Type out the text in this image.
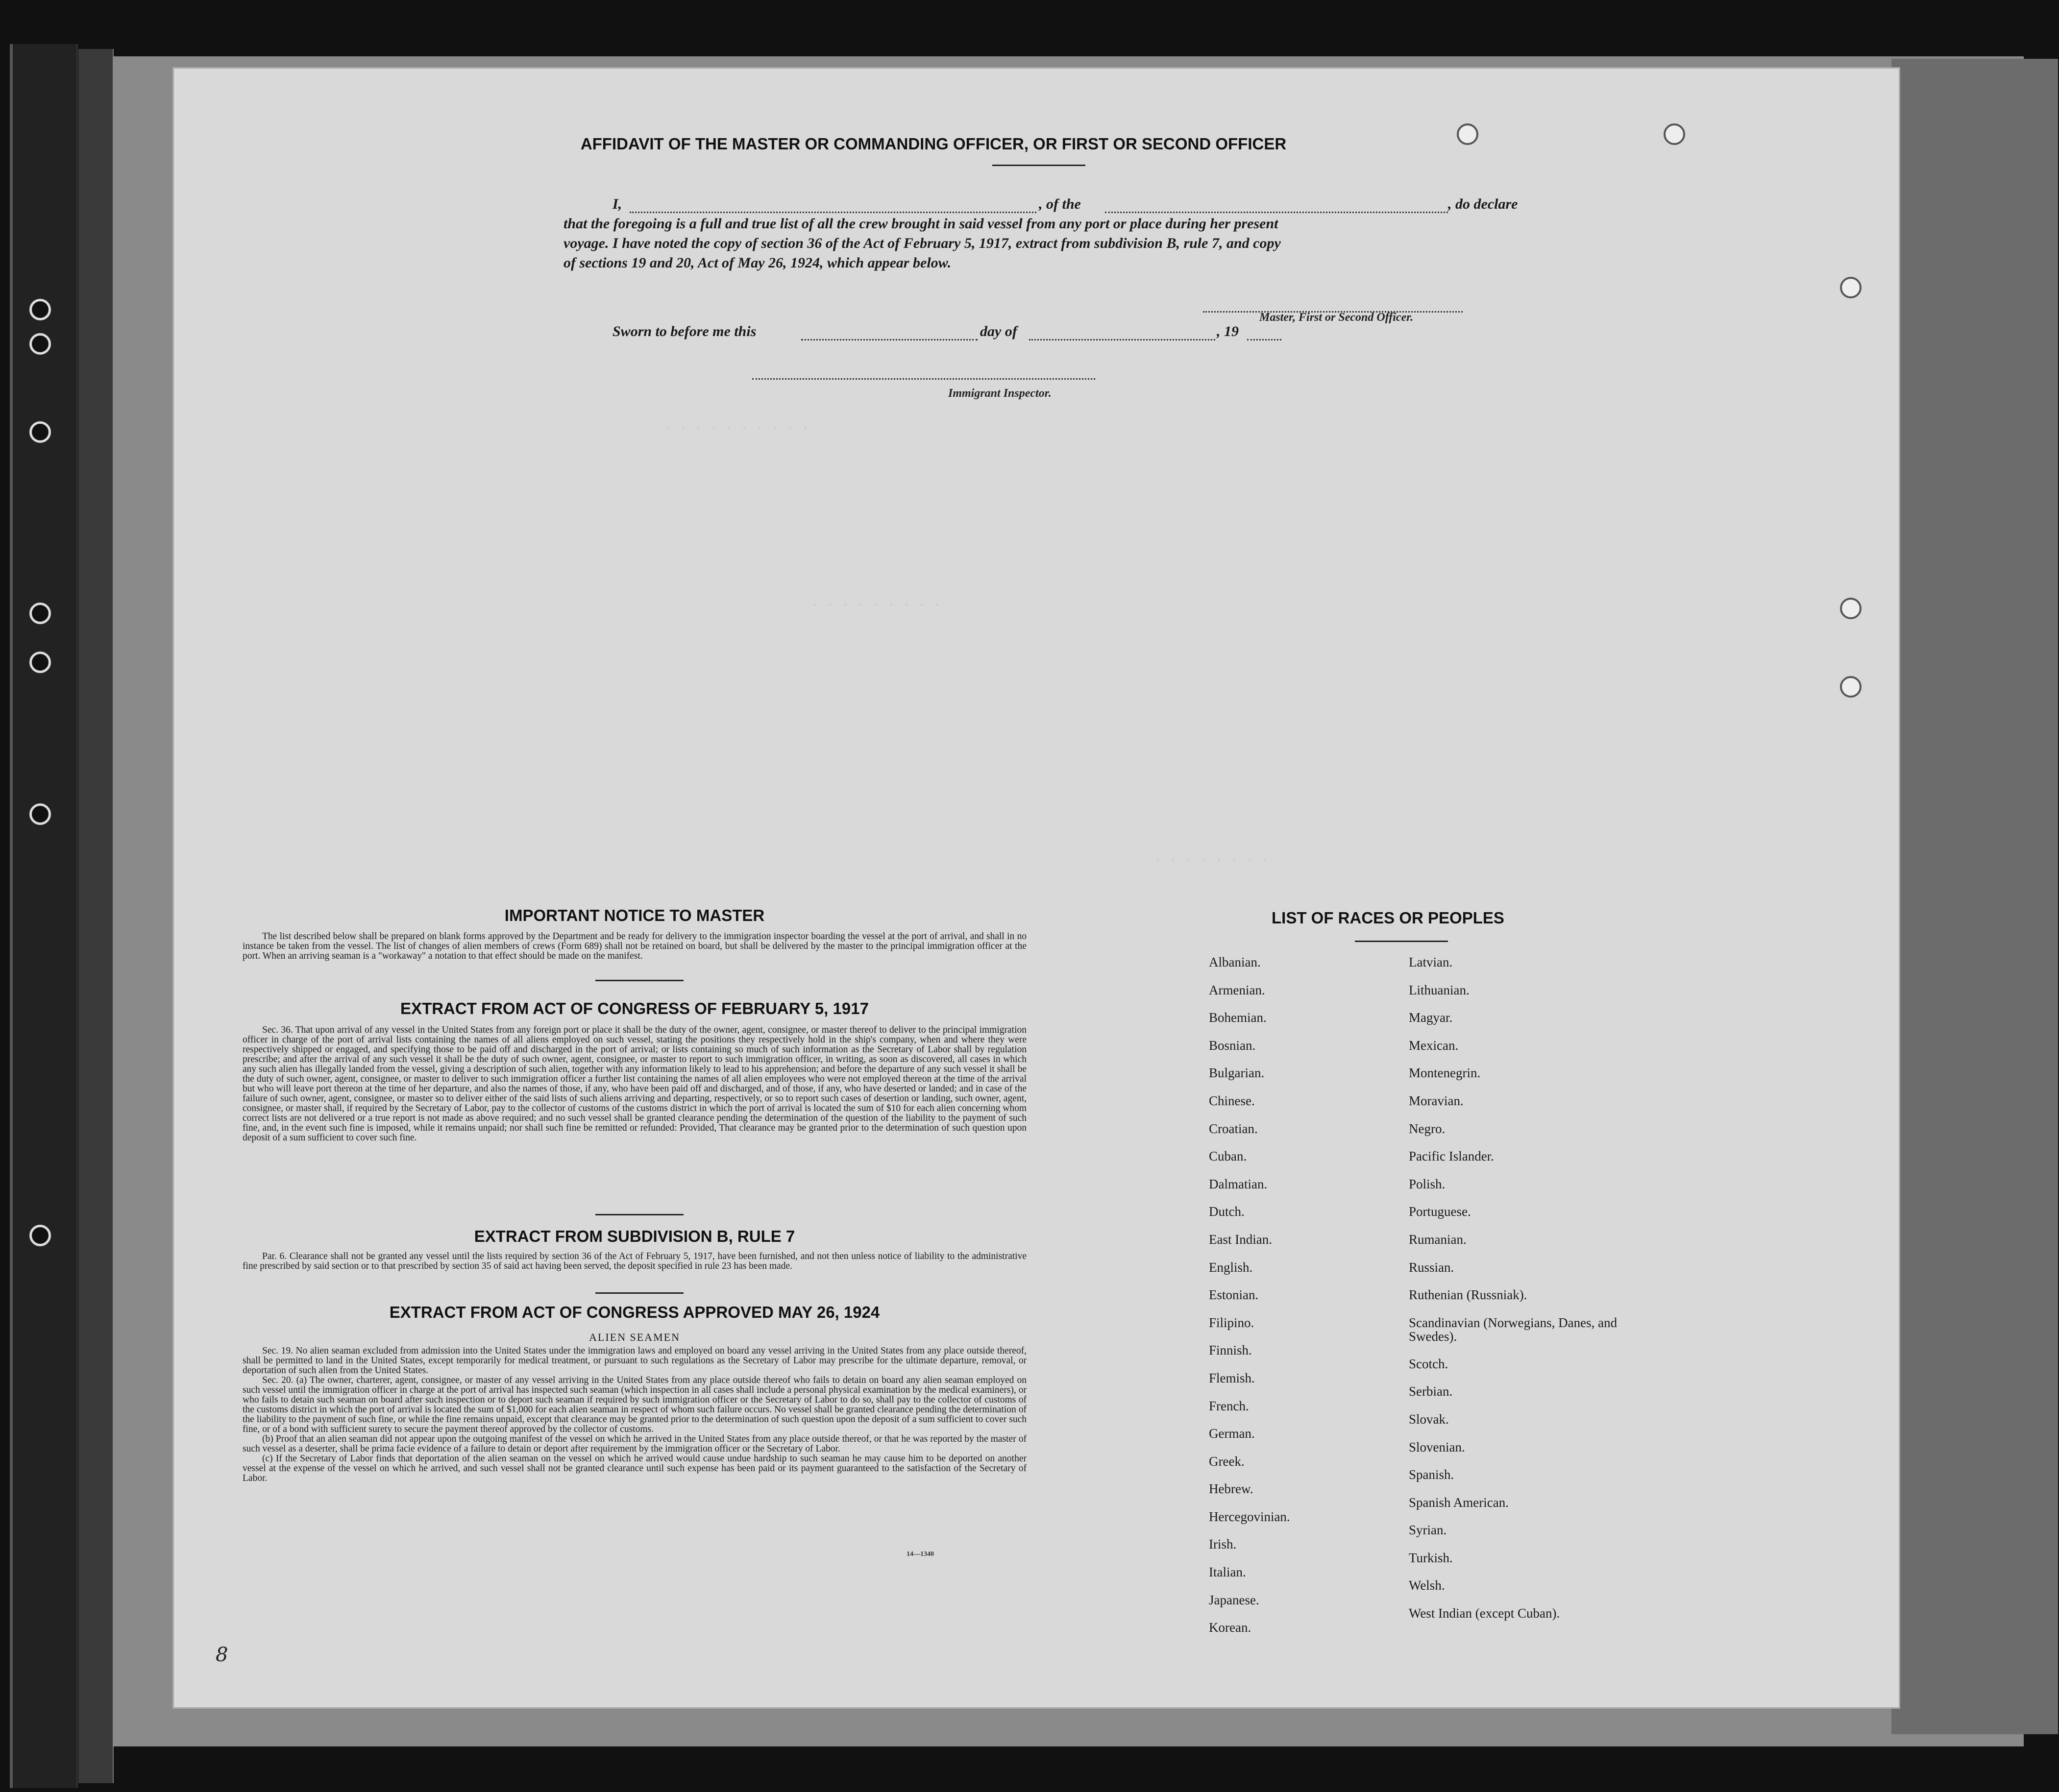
· · · · · · · · · ·
· · · · · · · · ·
· · · · · · · ·
AFFIDAVIT OF THE MASTER OR COMMANDING OFFICER, OR FIRST OR SECOND OFFICER
I,	, of the	, do declare
that the foregoing is a full and true list of all the crew brought in said vessel from any port or place during her present
voyage. I have noted the copy of section 36 of the Act of February 5, 1917, extract from subdivision B, rule 7, and copy
of sections 19 and 20, Act of May 26, 1924, which appear below.
Master, First or Second Officer.
Sworn to before me this	day of	, 19
Immigrant Inspector.
IMPORTANT NOTICE TO MASTER
The list described below shall be prepared on blank forms approved by the Department and be ready for delivery to the immigration inspector boarding the vessel at the port of arrival, and shall in no instance be taken from the vessel. The list of changes of alien members of crews (Form 689) shall not be retained on board, but shall be delivered by the master to the principal immigration officer at the port. When an arriving seaman is a "workaway" a notation to that effect should be made on the manifest.
EXTRACT FROM ACT OF CONGRESS OF FEBRUARY 5, 1917
Sec. 36. That upon arrival of any vessel in the United States from any foreign port or place it shall be the duty of the owner, agent, consignee, or master thereof to deliver to the principal immigration officer in charge of the port of arrival lists containing the names of all aliens employed on such vessel, stating the positions they respectively hold in the ship's company, when and where they were respectively shipped or engaged, and specifying those to be paid off and discharged in the port of arrival; or lists containing so much of such information as the Secretary of Labor shall by regulation prescribe; and after the arrival of any such vessel it shall be the duty of such owner, agent, consignee, or master to report to such immigration officer, in writing, as soon as discovered, all cases in which any such alien has illegally landed from the vessel, giving a description of such alien, together with any information likely to lead to his apprehension; and before the departure of any such vessel it shall be the duty of such owner, agent, consignee, or master to deliver to such immigration officer a further list containing the names of all alien employees who were not employed thereon at the time of the arrival but who will leave port thereon at the time of her departure, and also the names of those, if any, who have been paid off and discharged, and of those, if any, who have deserted or landed; and in case of the failure of such owner, agent, consignee, or master so to deliver either of the said lists of such aliens arriving and departing, respectively, or so to report such cases of desertion or landing, such owner, agent, consignee, or master shall, if required by the Secretary of Labor, pay to the collector of customs of the customs district in which the port of arrival is located the sum of $10 for each alien concerning whom correct lists are not delivered or a true report is not made as above required; and no such vessel shall be granted clearance pending the determination of the question of the liability to the payment of such fine, and, in the event such fine is imposed, while it remains unpaid; nor shall such fine be remitted or refunded: Provided, That clearance may be granted prior to the determination of such question upon deposit of a sum sufficient to cover such fine.
EXTRACT FROM SUBDIVISION B, RULE 7
Par. 6. Clearance shall not be granted any vessel until the lists required by section 36 of the Act of February 5, 1917, have been furnished, and not then unless notice of liability to the administrative fine prescribed by said section or to that prescribed by section 35 of said act having been served, the deposit specified in rule 23 has been made.
EXTRACT FROM ACT OF CONGRESS APPROVED MAY 26, 1924
ALIEN SEAMEN

Sec. 19. No alien seaman excluded from admission into the United States under the immigration laws and employed on board any vessel arriving in the United States from any place outside thereof, shall be permitted to land in the United States, except temporarily for medical treatment, or pursuant to such regulations as the Secretary of Labor may prescribe for the ultimate departure, removal, or deportation of such alien from the United States.

Sec. 20. (a) The owner, charterer, agent, consignee, or master of any vessel arriving in the United States from any place outside thereof who fails to detain on board any alien seaman employed on such vessel until the immigration officer in charge at the port of arrival has inspected such seaman (which inspection in all cases shall include a personal physical examination by the medical examiners), or who fails to detain such seaman on board after such inspection or to deport such seaman if required by such immigration officer or the Secretary of Labor to do so, shall pay to the collector of customs of the customs district in which the port of arrival is located the sum of $1,000 for each alien seaman in respect of whom such failure occurs. No vessel shall be granted clearance pending the determination of the liability to the payment of such fine, or while the fine remains unpaid, except that clearance may be granted prior to the determination of such question upon the deposit of a sum sufficient to cover such fine, or of a bond with sufficient surety to secure the payment thereof approved by the collector of customs.

(b) Proof that an alien seaman did not appear upon the outgoing manifest of the vessel on which he arrived in the United States from any place outside thereof, or that he was reported by the master of such vessel as a deserter, shall be prima facie evidence of a failure to detain or deport after requirement by the immigration officer or the Secretary of Labor.

(c) If the Secretary of Labor finds that deportation of the alien seaman on the vessel on which he arrived would cause undue hardship to such seaman he may cause him to be deported on another vessel at the expense of the vessel on which he arrived, and such vessel shall not be granted clearance until such expense has been paid or its payment guaranteed to the satisfaction of the Secretary of Labor.

14—1340
LIST OF RACES OR PEOPLES
Albanian.
Armenian.
Bohemian.
Bosnian.
Bulgarian.
Chinese.
Croatian.
Cuban.
Dalmatian.
Dutch.
East Indian.
English.
Estonian.
Filipino.
Finnish.
Flemish.
French.
German.
Greek.
Hebrew.
Hercegovinian.
Irish.
Italian.
Japanese.
Korean.
Latvian.
Lithuanian.
Magyar.
Mexican.
Montenegrin.
Moravian.
Negro.
Pacific Islander.
Polish.
Portuguese.
Rumanian.
Russian.
Ruthenian (Russniak).
Scandinavian (Norwegians, Danes, and Swedes).
Scotch.
Serbian.
Slovak.
Slovenian.
Spanish.
Spanish American.
Syrian.
Turkish.
Welsh.
West Indian (except Cuban).
8
